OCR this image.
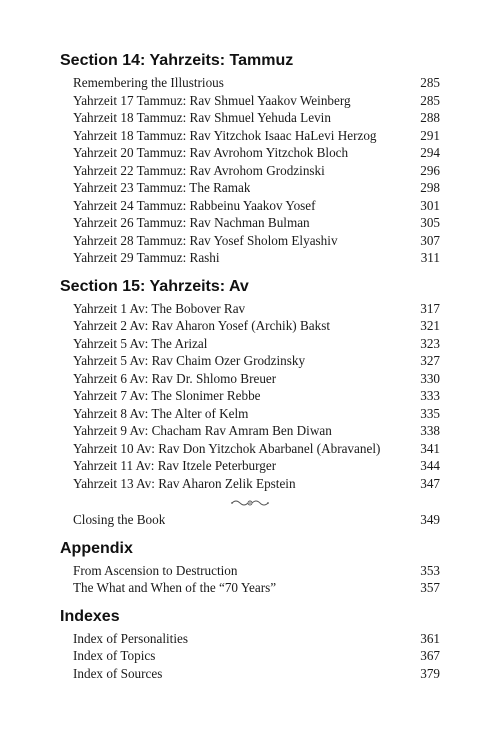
Section 14: Yahrzeits: Tammuz
Remembering the Illustrious	285
Yahrzeit 17 Tammuz: Rav Shmuel Yaakov Weinberg	285
Yahrzeit 18 Tammuz: Rav Shmuel Yehuda Levin	288
Yahrzeit 18 Tammuz: Rav Yitzchok Isaac HaLevi Herzog	291
Yahrzeit 20 Tammuz: Rav Avrohom Yitzchok Bloch	294
Yahrzeit 22 Tammuz: Rav Avrohom Grodzinski	296
Yahrzeit 23 Tammuz: The Ramak	298
Yahrzeit 24 Tammuz: Rabbeinu Yaakov Yosef	301
Yahrzeit 26 Tammuz: Rav Nachman Bulman	305
Yahrzeit 28 Tammuz: Rav Yosef Sholom Elyashiv	307
Yahrzeit 29 Tammuz: Rashi	311
Section 15: Yahrzeits: Av
Yahrzeit 1 Av: The Bobover Rav	317
Yahrzeit 2 Av: Rav Aharon Yosef (Archik) Bakst	321
Yahrzeit 5 Av: The Arizal	323
Yahrzeit 5 Av: Rav Chaim Ozer Grodzinsky	327
Yahrzeit 6 Av: Rav Dr. Shlomo Breuer	330
Yahrzeit 7 Av: The Slonimer Rebbe	333
Yahrzeit 8 Av: The Alter of Kelm	335
Yahrzeit 9 Av: Chacham Rav Amram Ben Diwan	338
Yahrzeit 10 Av: Rav Don Yitzchok Abarbanel (Abravanel)	341
Yahrzeit 11 Av: Rav Itzele Peterburger	344
Yahrzeit 13 Av: Rav Aharon Zelik Epstein	347
Closing the Book	349
Appendix
From Ascension to Destruction	353
The What and When of the “70 Years”	357
Indexes
Index of Personalities	361
Index of Topics	367
Index of Sources	379
